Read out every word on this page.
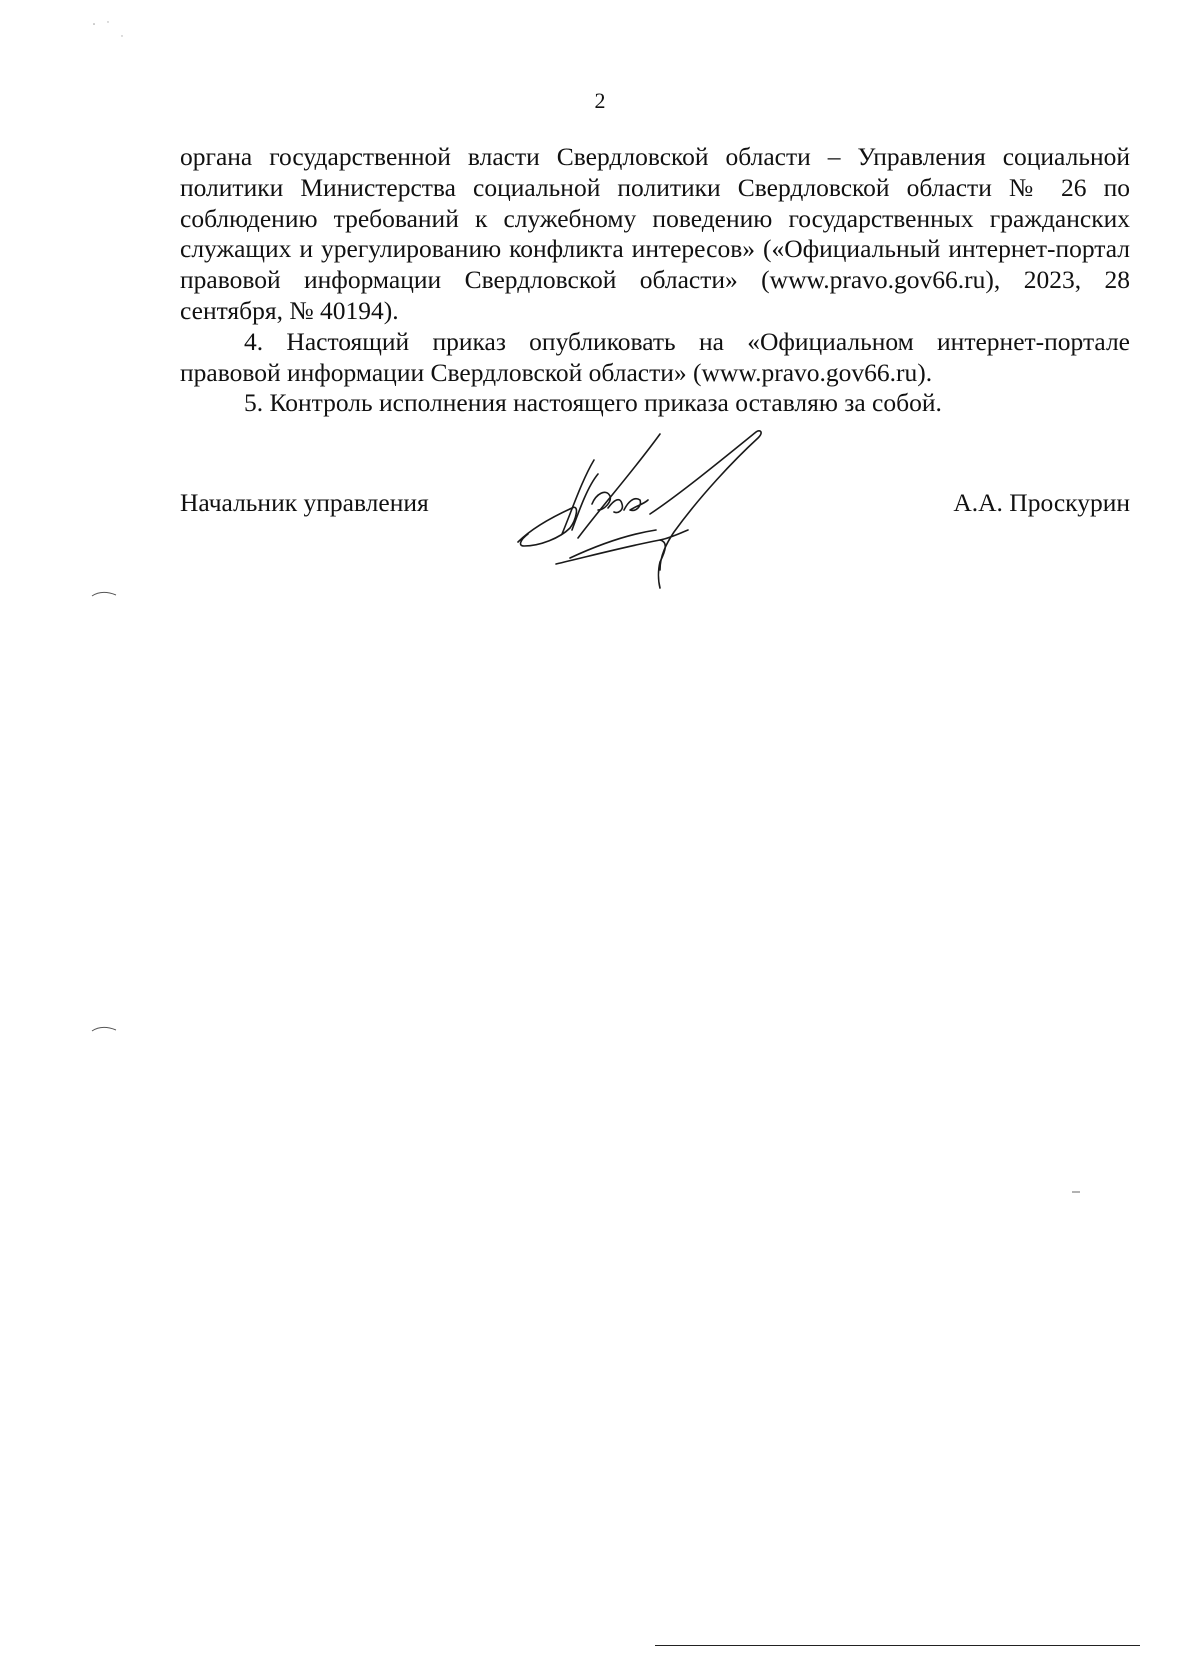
2

органа государственной власти Свердловской области – Управления социальной политики Министерства социальной политики Свердловской области № 26 по соблюдению требований к служебному поведению государственных гражданских служащих и урегулированию конфликта интересов» («Официальный интернет-портал правовой информации Свердловской области» (www.pravo.gov66.ru), 2023, 28 сентября, № 40194).

4. Настоящий приказ опубликовать на «Официальном интернет-портале правовой информации Свердловской области» (www.pravo.gov66.ru).

5. Контроль исполнения настоящего приказа оставляю за собой.

Начальник управления	А.А. Проскурин
